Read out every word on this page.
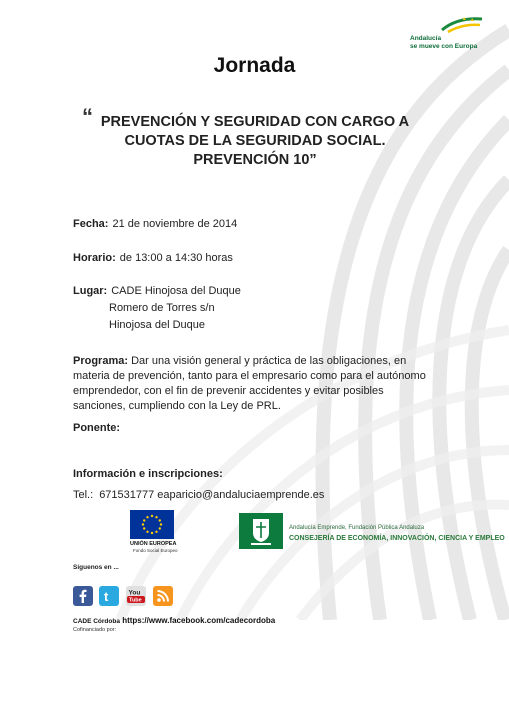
Andalucía
se mueve con Europa
Jornada
“ PREVENCIÓN Y SEGURIDAD CON CARGO A
CUOTAS DE LA SEGURIDAD SOCIAL.
PREVENCIÓN 10”
Fecha: 21 de noviembre de 2014
Horario: de 13:00 a 14:30 horas
Lugar: CADE Hinojosa del Duque
Romero de Torres s/n
Hinojosa del Duque
Programa: Dar una visión general y práctica de las obligaciones, en materia de prevención, tanto para el empresario como para el autónomo emprendedor, con el fin de prevenir accidentes y evitar posibles sanciones, cumpliendo con la Ley de PRL.
Ponente:
Información e inscripciones:
Tel.: 671531777 eaparicio@andaluciaemprende.es
UNIÓN EUROPEA
Fondo Social Europeo
Andalucía Emprende, Fundación Pública Andaluza
CONSEJERÍA DE ECONOMÍA, INNOVACIÓN, CIENCIA Y EMPLEO
Síguenos en ...
t	You
Tube
CADE Córdoba https://www.facebook.com/cadecordoba
Cofinanciado por:
